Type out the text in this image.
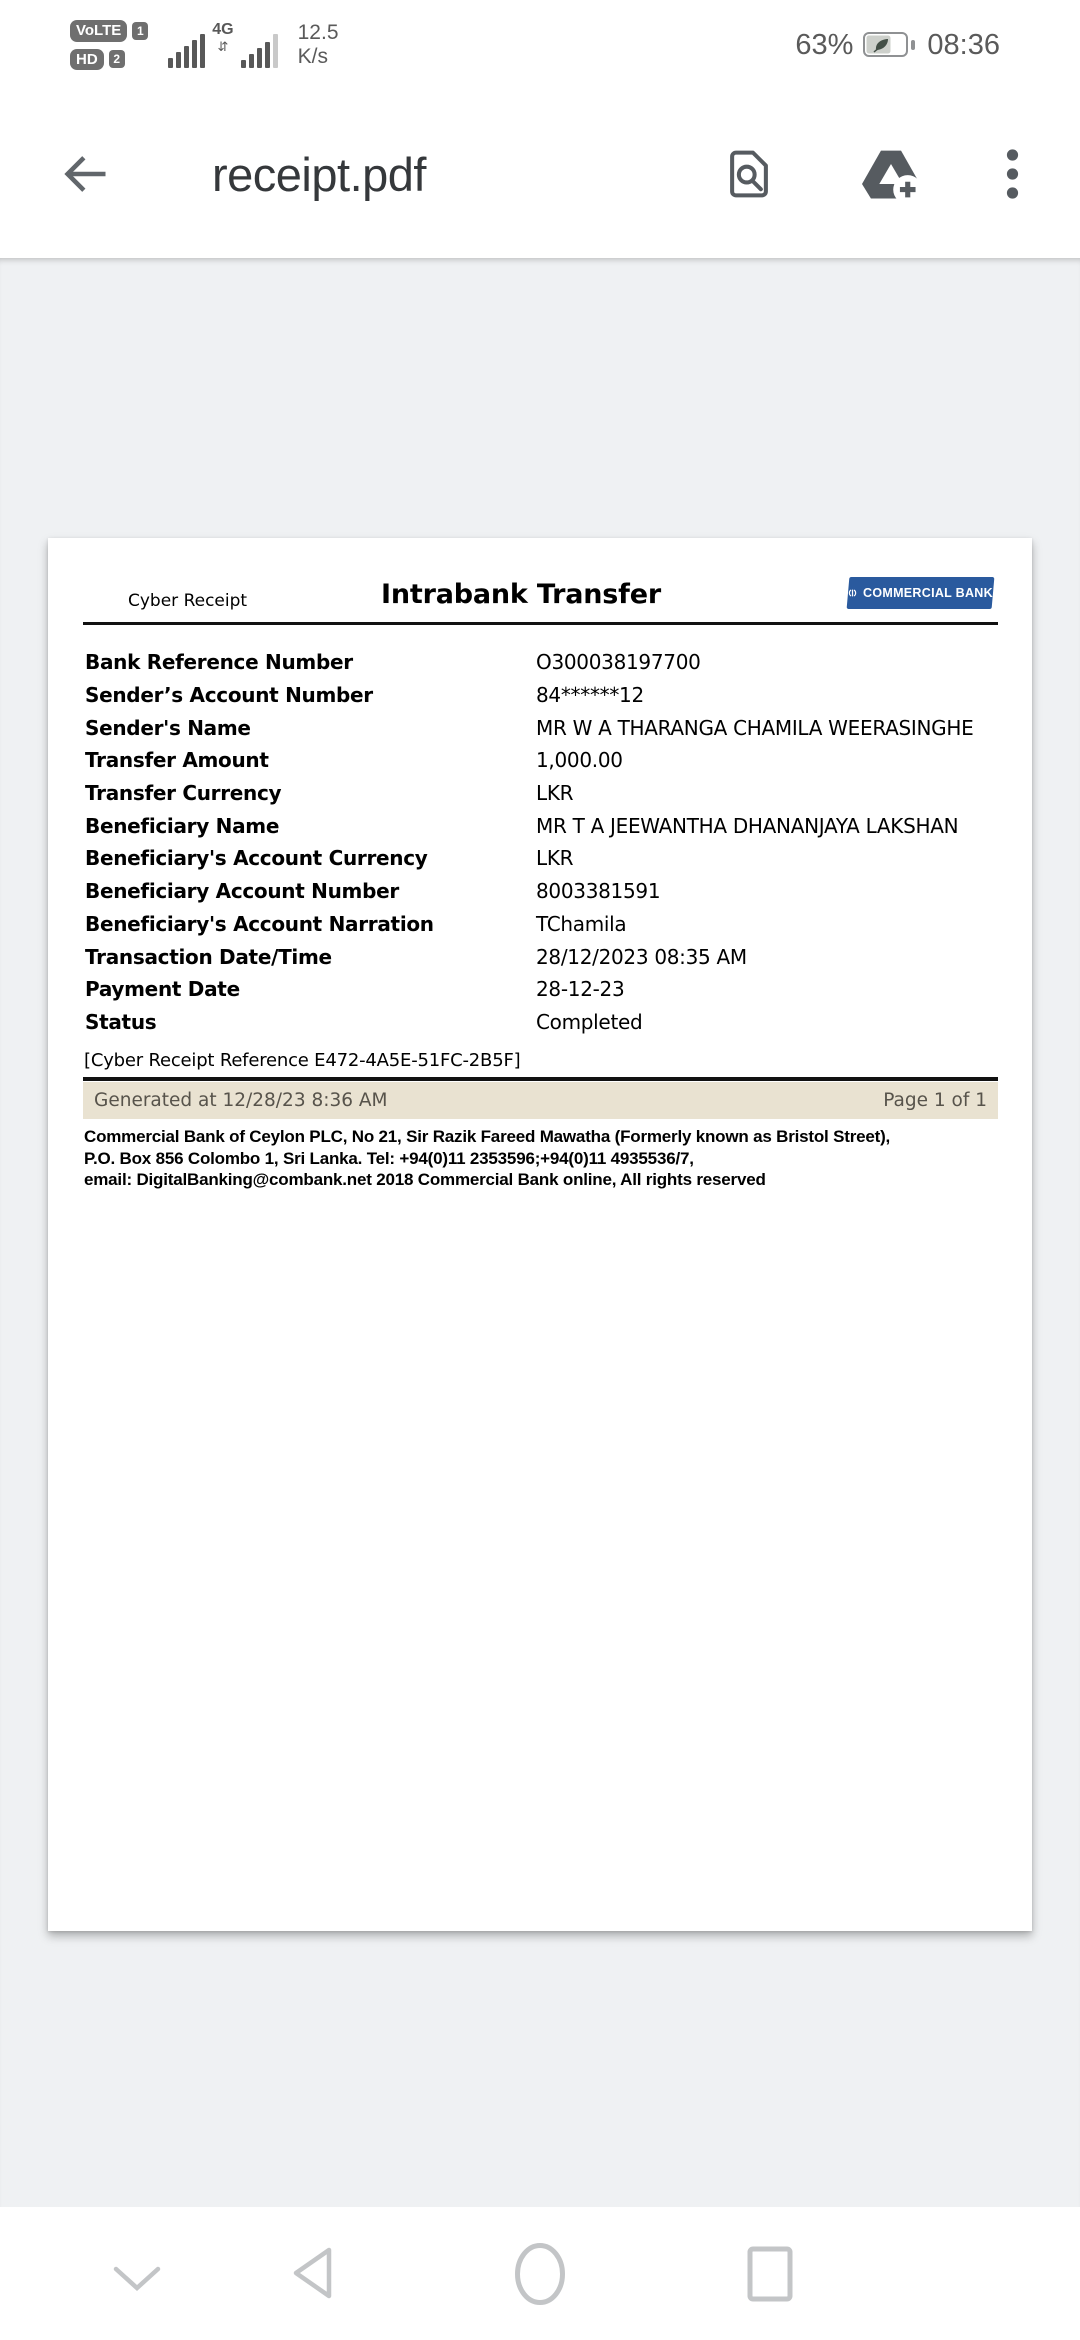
VoLTE	1
HD	2
4G
⇵
12.5
K/s	63%	08:36
receipt.pdf
Cyber Receipt	Intrabank Transfer	COMMERCIAL BANK
Bank Reference Number	O300038197700
Sender’s Account Number	84******12
Sender's Name	MR W A THARANGA CHAMILA WEERASINGHE
Transfer Amount	1,000.00
Transfer Currency	LKR
Beneficiary Name	MR T A JEEWANTHA DHANANJAYA LAKSHAN
Beneficiary's Account Currency	LKR
Beneficiary Account Number	8003381591
Beneficiary's Account Narration	TChamila
Transaction Date/Time	28/12/2023 08:35 AM
Payment Date	28-12-23
Status	Completed
[Cyber Receipt Reference E472-4A5E-51FC-2B5F]
Generated at 12/28/23 8:36 AM	Page 1 of 1
Commercial Bank of Ceylon PLC, No 21, Sir Razik Fareed Mawatha (Formerly known as Bristol Street),
P.O. Box 856 Colombo 1, Sri Lanka. Tel: +94(0)11 2353596;+94(0)11 4935536/7,
email: DigitalBanking@combank.net 2018 Commercial Bank online, All rights reserved
